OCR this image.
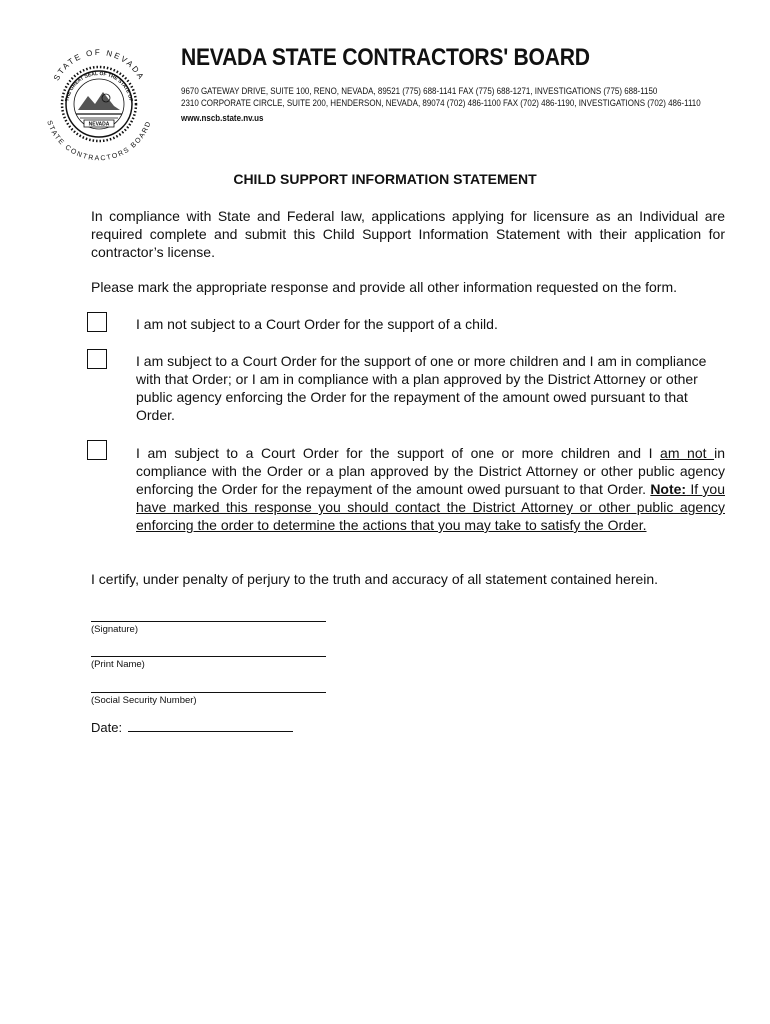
STATE OF NEVADA
STATE CONTRACTORS BOARD
THE GREAT SEAL OF THE STATE OF
NEVADA
NEVADA STATE CONTRACTORS' BOARD
9670 GATEWAY DRIVE, SUITE 100, RENO, NEVADA, 89521 (775) 688-1141 FAX (775) 688-1271, INVESTIGATIONS (775) 688-1150
2310 CORPORATE CIRCLE, SUITE 200, HENDERSON, NEVADA, 89074 (702) 486-1100 FAX (702) 486-1190, INVESTIGATIONS (702) 486-1110
www.nscb.state.nv.us
CHILD SUPPORT INFORMATION STATEMENT

In compliance with State and Federal law, applications applying for licensure as an Individual are required complete and submit this Child Support Information Statement with their application for contractor’s license.

Please mark the appropriate response and provide all other information requested on the form.

I am not subject to a Court Order for the support of a child.

I am subject to a Court Order for the support of one or more children and I am in compliance with that Order; or I am in compliance with a plan approved by the District Attorney or other public agency enforcing the Order for the repayment of the amount owed pursuant to that Order.

I am subject to a Court Order for the support of one or more children and I am not in compliance with the Order or a plan approved by the District Attorney or other public agency enforcing the Order for the repayment of the amount owed pursuant to that Order. Note: If you have marked this response you should contact the District Attorney or other public agency enforcing the order to determine the actions that you may take to satisfy the Order.

I certify, under penalty of perjury to the truth and accuracy of all statement contained herein.

(Signature)
(Print Name)
(Social Security Number)
Date:
